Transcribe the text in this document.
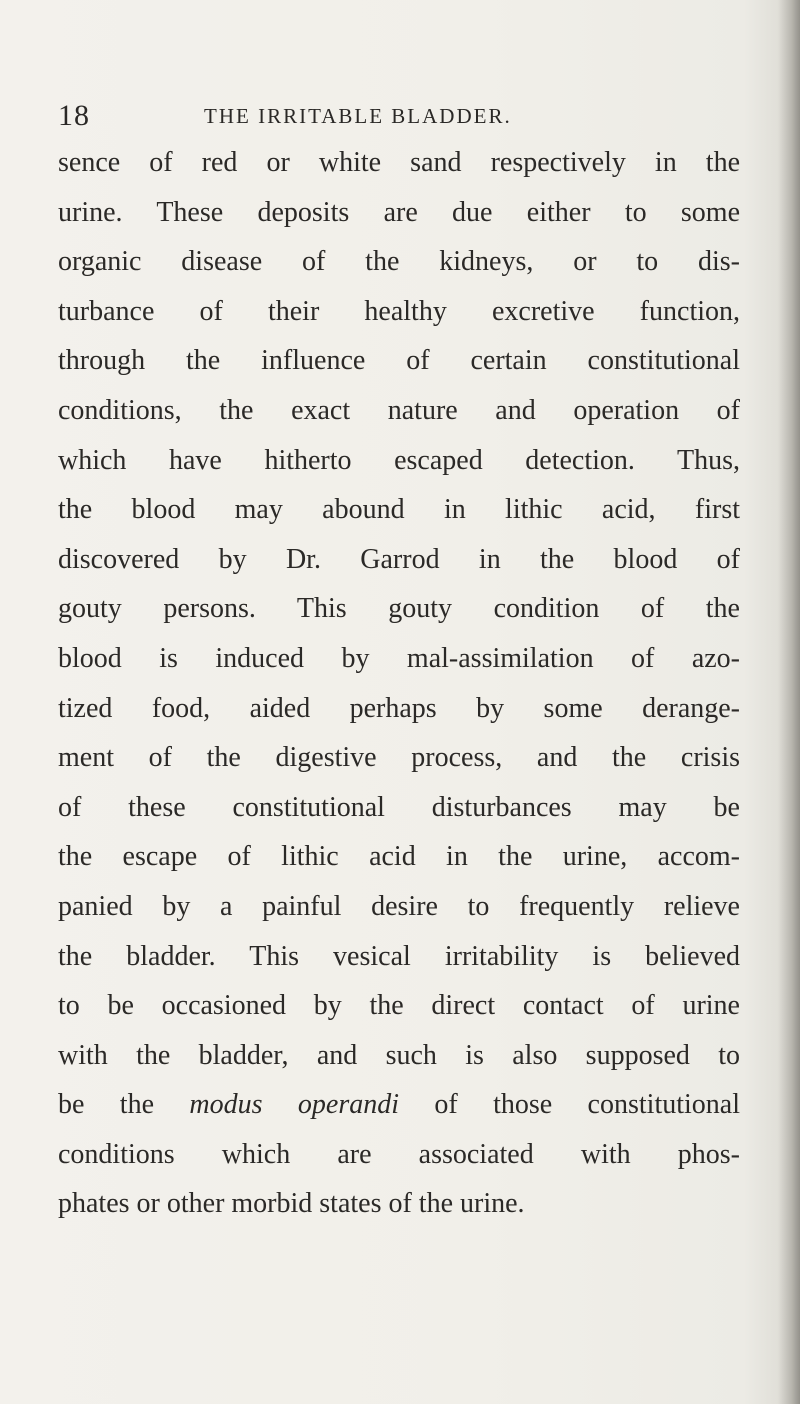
18	THE IRRITABLE BLADDER.
sence of red or white sand respectively in the
urine. These deposits are due either to some
organic disease of the kidneys, or to dis-
turbance of their healthy excretive function,
through the influence of certain constitutional
conditions, the exact nature and operation of
which have hitherto escaped detection. Thus,
the blood may abound in lithic acid, first
discovered by Dr. Garrod in the blood of
gouty persons. This gouty condition of the
blood is induced by mal-assimilation of azo-
tized food, aided perhaps by some derange-
ment of the digestive process, and the crisis
of these constitutional disturbances may be
the escape of lithic acid in the urine, accom-
panied by a painful desire to frequently relieve
the bladder. This vesical irritability is believed
to be occasioned by the direct contact of urine
with the bladder, and such is also supposed to
be the modus operandi of those constitutional
conditions which are associated with phos-
phates or other morbid states of the urine.
